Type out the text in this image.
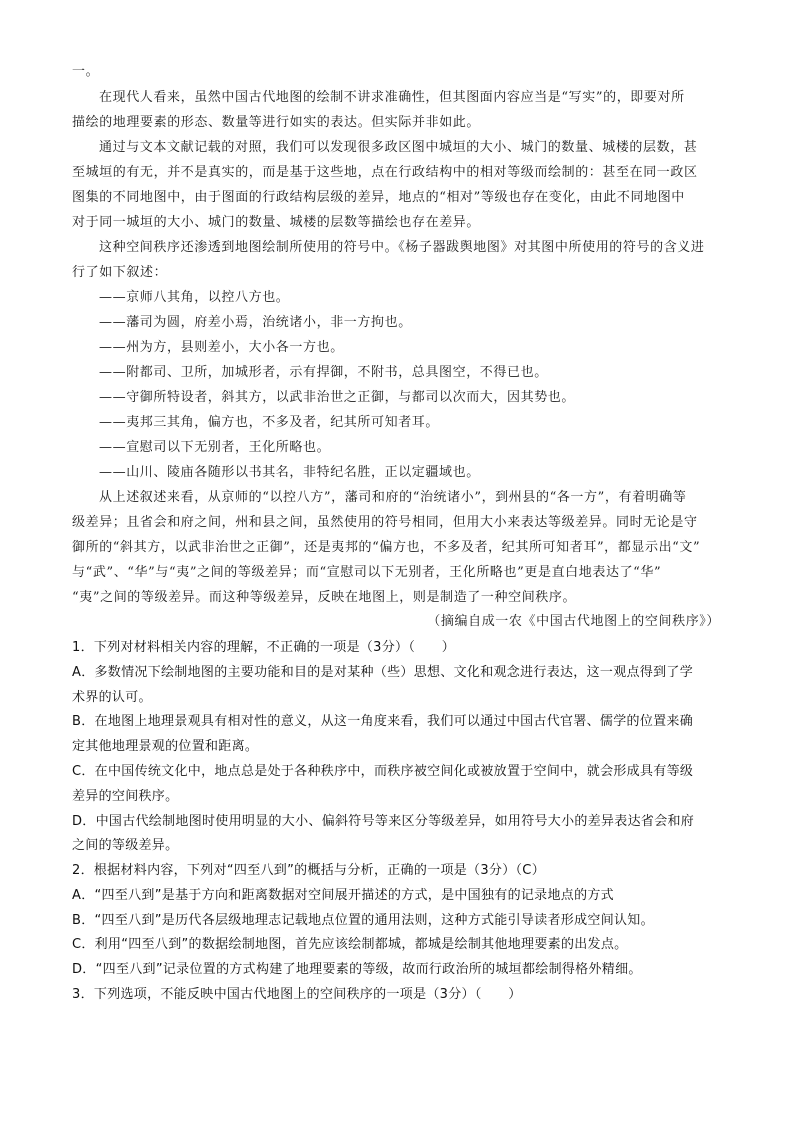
一。

在现代人看来，虽然中国古代地图的绘制不讲求准确性，但其图面内容应当是“写实”的，即要对所

描绘的地理要素的形态、数量等进行如实的表达。但实际并非如此。

通过与文本文献记载的对照，我们可以发现很多政区图中城垣的大小、城门的数量、城楼的层数，甚

至城垣的有无，并不是真实的，而是基于这些地，点在行政结构中的相对等级而绘制的：甚至在同一政区

图集的不同地图中，由于图面的行政结构层级的差异，地点的“相对”等级也存在变化，由此不同地图中

对于同一城垣的大小、城门的数量、城楼的层数等描绘也存在差异。

这种空间秩序还渗透到地图绘制所使用的符号中。《杨子器跋舆地图》对其图中所使用的符号的含义进

行了如下叙述：

——京师八其角，以控八方也。

——藩司为圆，府差小焉，治统诸小，非一方拘也。

——州为方，县则差小，大小各一方也。

——附都司、卫所，加城形者，示有捍御，不附书，总具图空，不得已也。

——守御所特设者，斜其方，以武非治世之正御，与都司以次而大，因其势也。

——夷邦三其角，偏方也，不多及者，纪其所可知者耳。

——宣慰司以下无别者，王化所略也。

——山川、陵庙各随形以书其名，非特纪名胜，正以定疆域也。

从上述叙述来看，从京师的“以控八方”，藩司和府的“治统诸小”，到州县的“各一方”，有着明确等

级差异；且省会和府之间，州和县之间，虽然使用的符号相同，但用大小来表达等级差异。同时无论是守

御所的“斜其方，以武非治世之正御”，还是夷邦的“偏方也，不多及者，纪其所可知者耳”，都显示出“文”

与“武”、“华”与“夷”之间的等级差异；而“宣慰司以下无别者，王化所略也”更是直白地表达了“华”

“夷”之间的等级差异。而这种等级差异，反映在地图上，则是制造了一种空间秩序。

（摘编自成一农《中国古代地图上的空间秩序》）

1．下列对材料相关内容的理解，不正确的一项是（3分）（　　）

A．多数情况下绘制地图的主要功能和目的是对某种（些）思想、文化和观念进行表达，这一观点得到了学

术界的认可。

B．在地图上地理景观具有相对性的意义，从这一角度来看，我们可以通过中国古代官署、儒学的位置来确

定其他地理景观的位置和距离。

C．在中国传统文化中，地点总是处于各种秩序中，而秩序被空间化或被放置于空间中，就会形成具有等级

差异的空间秩序。

D．中国古代绘制地图时使用明显的大小、偏斜符号等来区分等级差异，如用符号大小的差异表达省会和府

之间的等级差异。

2．根据材料内容，下列对“四至八到”的概括与分析，正确的一项是（3分）（C）

A．“四至八到”是基于方向和距离数据对空间展开描述的方式，是中国独有的记录地点的方式

B．“四至八到”是历代各层级地理志记载地点位置的通用法则，这种方式能引导读者形成空间认知。

C．利用“四至八到”的数据绘制地图，首先应该绘制都城，都城是绘制其他地理要素的出发点。

D．“四至八到”记录位置的方式构建了地理要素的等级，故而行政治所的城垣都绘制得格外精细。

3．下列选项，不能反映中国古代地图上的空间秩序的一项是（3分）（　　）
